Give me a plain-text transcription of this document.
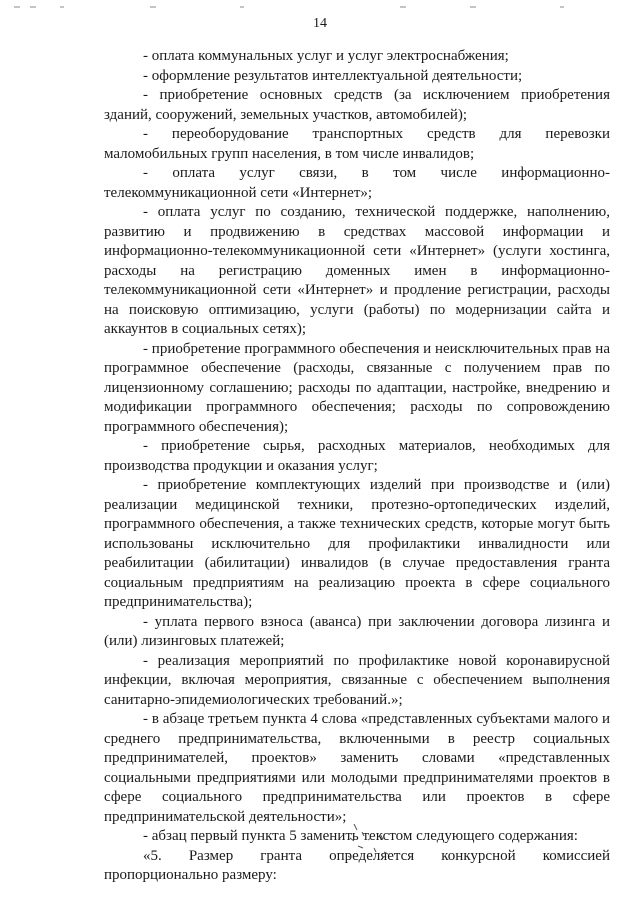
14

- оплата коммунальных услуг и услуг электроснабжения;

- оформление результатов интеллектуальной деятельности;

- приобретение основных средств (за исключением приобретения зданий, сооружений, земельных участков, автомобилей);

- переоборудование транспортных средств для перевозки маломобильных групп населения, в том числе инвалидов;

- оплата услуг связи, в том числе информационно-телекоммуникационной сети «Интернет»;

- оплата услуг по созданию, технической поддержке, наполнению, развитию и продвижению в средствах массовой информации и информационно-телекоммуникационной сети «Интернет» (услуги хостинга, расходы на регистрацию доменных имен в информационно-телекоммуникационной сети «Интернет» и продление регистрации, расходы на поисковую оптимизацию, услуги (работы) по модернизации сайта и аккаунтов в социальных сетях);

- приобретение программного обеспечения и неисключительных прав на программное обеспечение (расходы, связанные с получением прав по лицензионному соглашению; расходы по адаптации, настройке, внедрению и модификации программного обеспечения; расходы по сопровождению программного обеспечения);

- приобретение сырья, расходных материалов, необходимых для производства продукции и оказания услуг;

- приобретение комплектующих изделий при производстве и (или) реализации медицинской техники, протезно-ортопедических изделий, программного обеспечения, а также технических средств, которые могут быть использованы исключительно для профилактики инвалидности или реабилитации (абилитации) инвалидов (в случае предоставления гранта социальным предприятиям на реализацию проекта в сфере социального предпринимательства);

- уплата первого взноса (аванса) при заключении договора лизинга и (или) лизинговых платежей;

- реализация мероприятий по профилактике новой коронавирусной инфекции, включая мероприятия, связанные с обеспечением выполнения санитарно-эпидемиологических требований.»;

- в абзаце третьем пункта 4 слова «представленных субъектами малого и среднего предпринимательства, включенными в реестр социальных предпринимателей, проектов» заменить словами «представленных социальными предприятиями или молодыми предпринимателями проектов в сфере социального предпринимательства или проектов в сфере предпринимательской деятельности»;

- абзац первый пункта 5 заменить текстом следующего содержания:

«5. Размер гранта определяется конкурсной комиссией пропорционально размеру:
